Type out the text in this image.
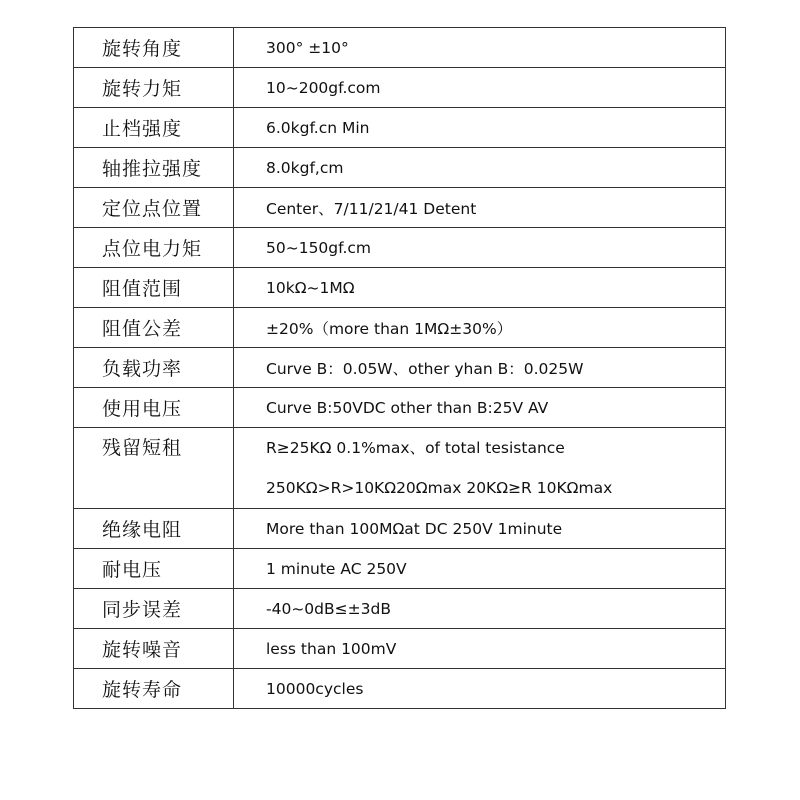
旋转角度	300° ±10°
旋转力矩	10~200gf.com
止档强度	6.0kgf.cn Min
轴推拉强度	8.0kgf,cm
定位点位置	Center、7/11/21/41 Detent
点位电力矩	50~150gf.cm
阻值范围	10kΩ~1MΩ
阻值公差	±20%（more than 1MΩ±30%）
负载功率	Curve B：0.05W、other yhan B：0.025W
使用电压	Curve B:50VDC other than B:25V AV

残留短租	R≥25KΩ 0.1%max、of total tesistance
250KΩ>R>10KΩ20Ωmax 20KΩ≥R 10KΩmax

绝缘电阻	More than 100MΩat DC 250V 1minute
耐电压	1 minute AC 250V
同步误差	-40~0dB≤±3dB
旋转噪音	less than 100mV
旋转寿命	10000cycles
